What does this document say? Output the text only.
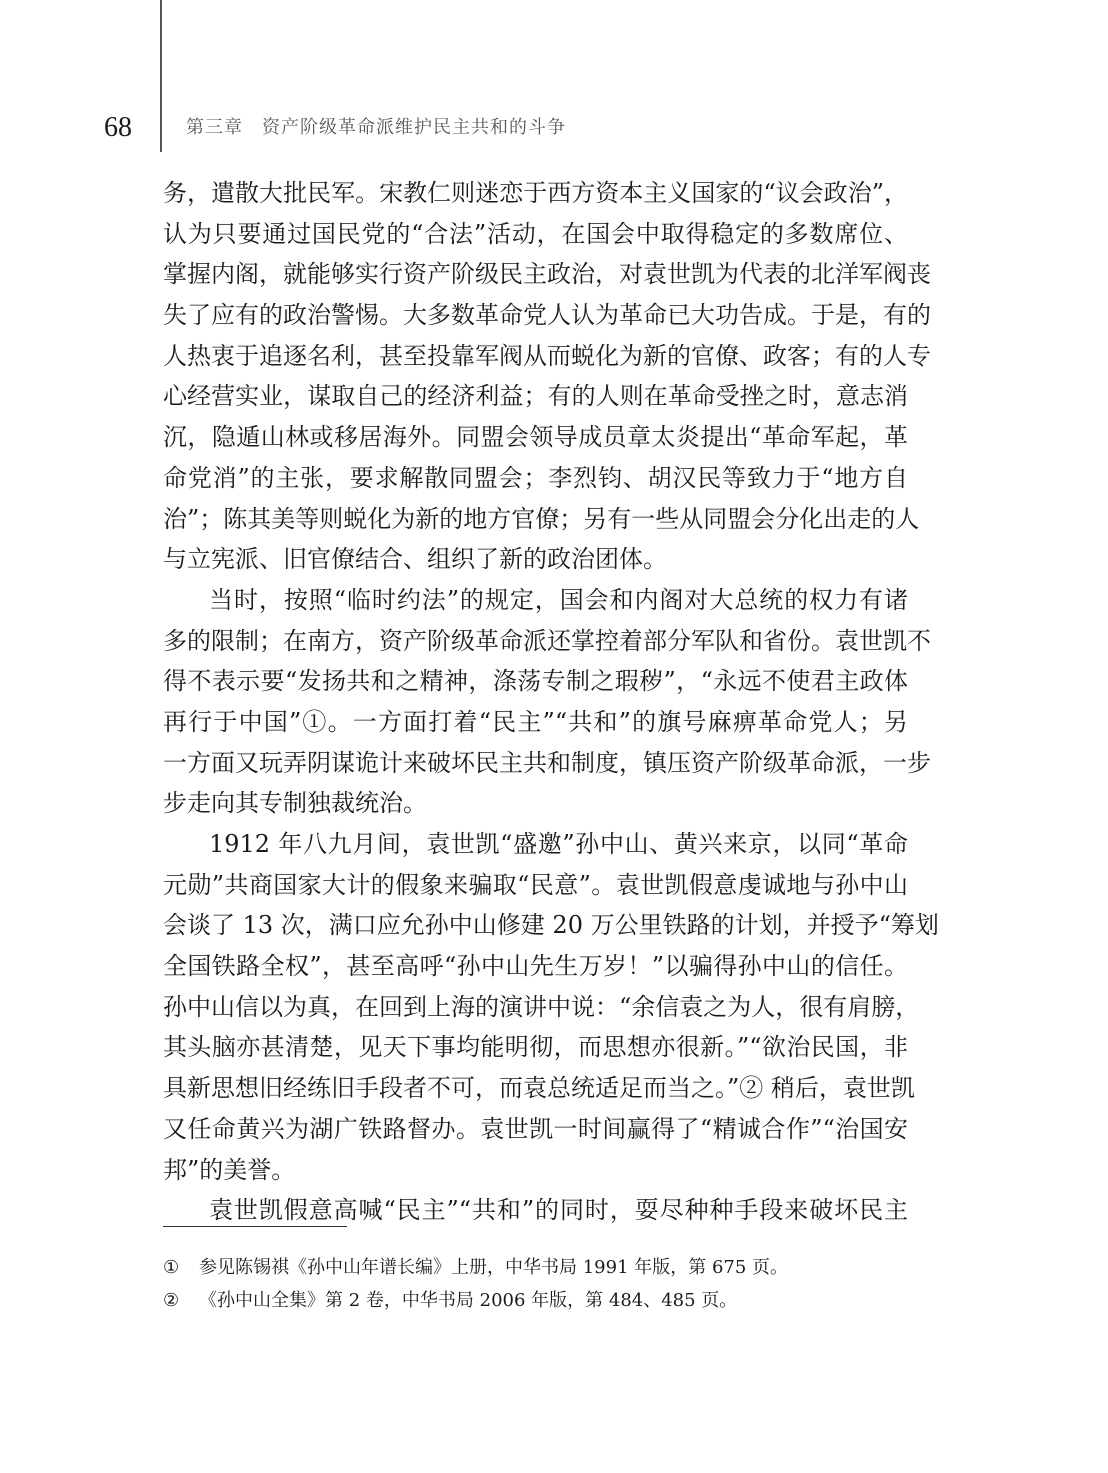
68	第三章　资产阶级革命派维护民主共和的斗争
务，遣散大批民军。宋教仁则迷恋于西方资本主义国家的“议会政治”，
认为只要通过国民党的“合法”活动，在国会中取得稳定的多数席位、
掌握内阁，就能够实行资产阶级民主政治，对袁世凯为代表的北洋军阀丧
失了应有的政治警惕。大多数革命党人认为革命已大功告成。于是，有的
人热衷于追逐名利，甚至投靠军阀从而蜕化为新的官僚、政客；有的人专
心经营实业，谋取自己的经济利益；有的人则在革命受挫之时，意志消
沉，隐遁山林或移居海外。同盟会领导成员章太炎提出“革命军起，革
命党消”的主张，要求解散同盟会；李烈钧、胡汉民等致力于“地方自
治”；陈其美等则蜕化为新的地方官僚；另有一些从同盟会分化出走的人
与立宪派、旧官僚结合、组织了新的政治团体。
当时，按照“临时约法”的规定，国会和内阁对大总统的权力有诸
多的限制；在南方，资产阶级革命派还掌控着部分军队和省份。袁世凯不
得不表示要“发扬共和之精神，涤荡专制之瑕秽”，“永远不使君主政体
再行于中国”①。一方面打着“民主”“共和”的旗号麻痹革命党人；另
一方面又玩弄阴谋诡计来破坏民主共和制度，镇压资产阶级革命派，一步
步走向其专制独裁统治。
1912 年八九月间，袁世凯“盛邀”孙中山、黄兴来京，以同“革命
元勋”共商国家大计的假象来骗取“民意”。袁世凯假意虔诚地与孙中山
会谈了 13 次，满口应允孙中山修建 20 万公里铁路的计划，并授予“筹划
全国铁路全权”，甚至高呼“孙中山先生万岁！”以骗得孙中山的信任。
孙中山信以为真，在回到上海的演讲中说：“余信袁之为人，很有肩膀，
其头脑亦甚清楚，见天下事均能明彻，而思想亦很新。”“欲治民国，非
具新思想旧经练旧手段者不可，而袁总统适足而当之。”② 稍后，袁世凯
又任命黄兴为湖广铁路督办。袁世凯一时间赢得了“精诚合作”“治国安
邦”的美誉。
袁世凯假意高喊“民主”“共和”的同时，耍尽种种手段来破坏民主
① 参见陈锡祺《孙中山年谱长编》上册，中华书局 1991 年版，第 675 页。
② 《孙中山全集》第 2 卷，中华书局 2006 年版，第 484、485 页。
